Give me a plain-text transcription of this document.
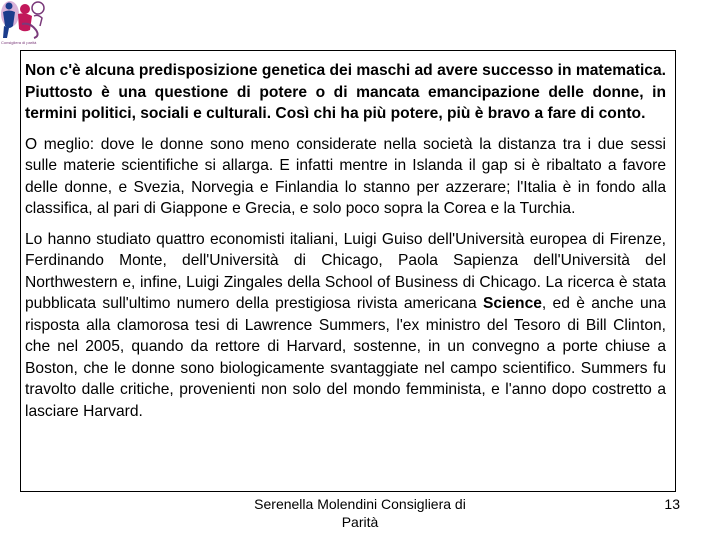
Consigliera di parità

Non c'è alcuna predisposizione genetica dei maschi ad avere successo in matematica. Piuttosto è una questione di potere o di mancata emancipazione delle donne, in termini politici, sociali e culturali. Così chi ha più potere, più è bravo a fare di conto.

O meglio: dove le donne sono meno considerate nella società la distanza tra i due sessi sulle materie scientifiche si allarga. E infatti mentre in Islanda il gap si è ribaltato a favore delle donne, e Svezia, Norvegia e Finlandia lo stanno per azzerare; l'Italia è in fondo alla classifica, al pari di Giappone e Grecia, e solo poco sopra la Corea e la Turchia.

Lo hanno studiato quattro economisti italiani, Luigi Guiso dell'Università europea di Firenze, Ferdinando Monte, dell'Università di Chicago, Paola Sapienza dell'Università del Northwestern e, infine, Luigi Zingales della School of Business di Chicago. La ricerca è stata pubblicata sull'ultimo numero della prestigiosa rivista americana Science, ed è anche una risposta alla clamorosa tesi di Lawrence Summers, l'ex ministro del Tesoro di Bill Clinton, che nel 2005, quando da rettore di Harvard, sostenne, in un convegno a porte chiuse a Boston, che le donne sono biologicamente svantaggiate nel campo scientifico. Summers fu travolto dalle critiche, provenienti non solo del mondo femminista, e l'anno dopo costretto a lasciare Harvard.

Serenella Molendini Consigliera di Parità
13
